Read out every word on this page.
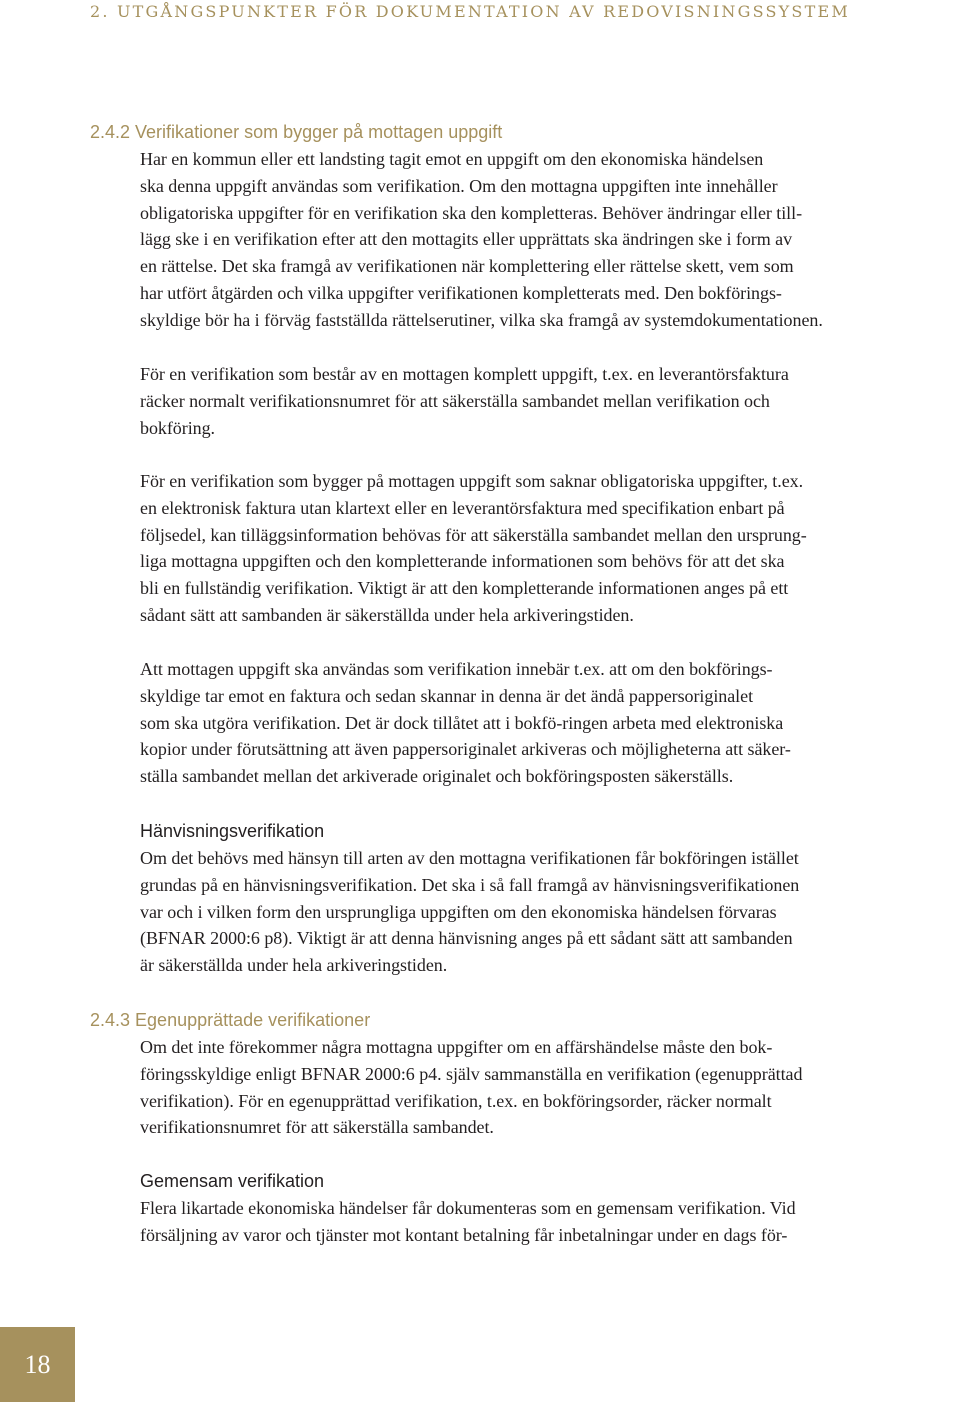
2. UTGÅNGSPUNKTER FÖR DOKUMENTATION AV REDOVISNINGSSYSTEM
2.4.2 Verifikationer som bygger på mottagen uppgift
Har en kommun eller ett landsting tagit emot en uppgift om den ekonomiska händelsen
ska denna uppgift användas som verifikation. Om den mottagna uppgiften inte innehåller
obligatoriska uppgifter för en verifikation ska den kompletteras. Behöver ändringar eller till-
lägg ske i en verifikation efter att den mottagits eller upprättats ska ändringen ske i form av
en rättelse. Det ska framgå av verifikationen när komplettering eller rättelse skett, vem som
har utfört åtgärden och vilka uppgifter verifikationen kompletterats med. Den bokförings-
skyldige bör ha i förväg fastställda rättelserutiner, vilka ska framgå av systemdokumentationen.
För en verifikation som består av en mottagen komplett uppgift, t.ex. en leverantörsfaktura
räcker normalt verifikationsnumret för att säkerställa sambandet mellan verifikation och
bokföring.
För en verifikation som bygger på mottagen uppgift som saknar obligatoriska uppgifter, t.ex.
en elektronisk faktura utan klartext eller en leverantörsfaktura med specifikation enbart på
följsedel, kan tilläggsinformation behövas för att säkerställa sambandet mellan den ursprung-
liga mottagna uppgiften och den kompletterande informationen som behövs för att det ska
bli en fullständig verifikation. Viktigt är att den kompletterande informationen anges på ett
sådant sätt att sambanden är säkerställda under hela arkiveringstiden.
Att mottagen uppgift ska användas som verifikation innebär t.ex. att om den bokförings-
skyldige tar emot en faktura och sedan skannar in denna är det ändå pappersoriginalet
som ska utgöra verifikation. Det är dock tillåtet att i bokfö-ringen arbeta med elektroniska
kopior under förutsättning att även pappersoriginalet arkiveras och möjligheterna att säker-
ställa sambandet mellan det arkiverade originalet och bokföringsposten säkerställs.
Hänvisningsverifikation
Om det behövs med hänsyn till arten av den mottagna verifikationen får bokföringen istället
grundas på en hänvisningsverifikation. Det ska i så fall framgå av hänvisningsverifikationen
var och i vilken form den ursprungliga uppgiften om den ekonomiska händelsen förvaras
(BFNAR 2000:6 p8). Viktigt är att denna hänvisning anges på ett sådant sätt att sambanden
är säkerställda under hela arkiveringstiden.
2.4.3 Egenupprättade verifikationer
Om det inte förekommer några mottagna uppgifter om en affärshändelse måste den bok-
föringsskyldige enligt BFNAR 2000:6 p4. själv sammanställa en verifikation (egenupprättad
verifikation). För en egenupprättad verifikation, t.ex. en bokföringsorder, räcker normalt
verifikationsnumret för att säkerställa sambandet.
Gemensam verifikation
Flera likartade ekonomiska händelser får dokumenteras som en gemensam verifikation. Vid
försäljning av varor och tjänster mot kontant betalning får inbetalningar under en dags för-
18
